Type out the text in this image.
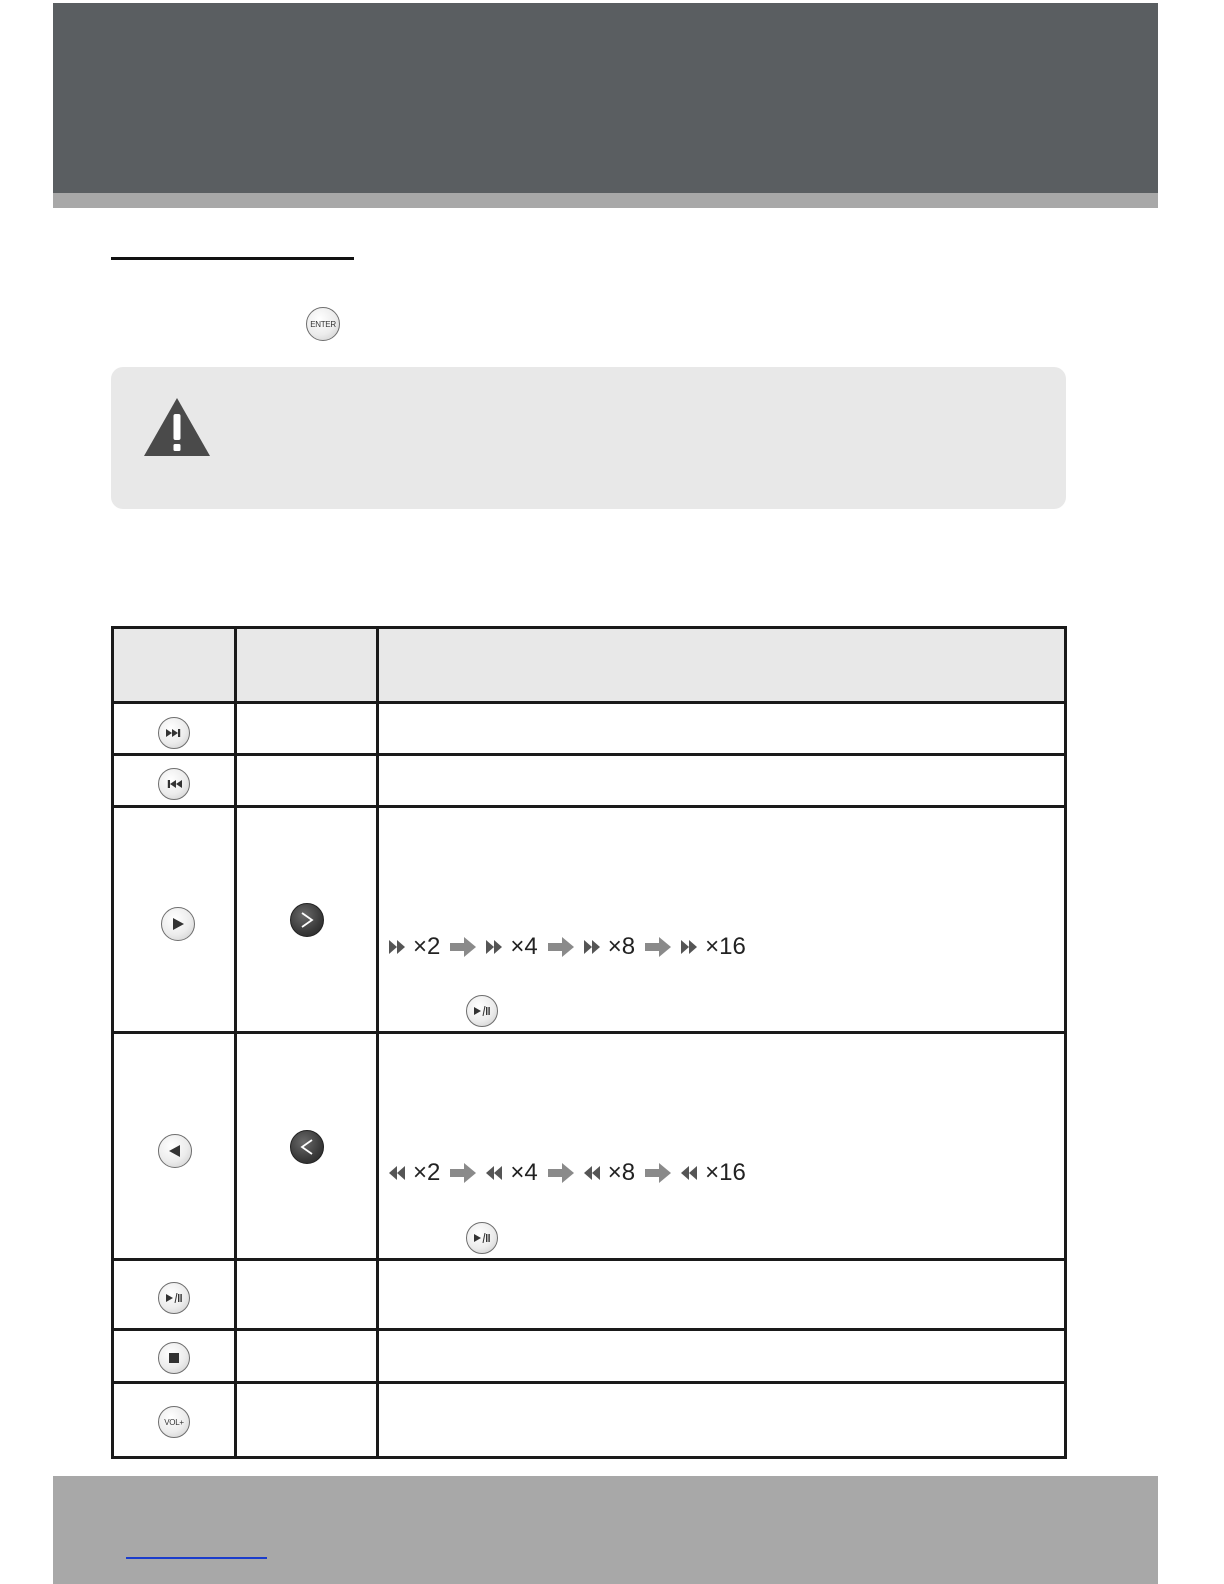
ENTER
×2	×4	×8	×16
×2	×4	×8	×16
VOL+
